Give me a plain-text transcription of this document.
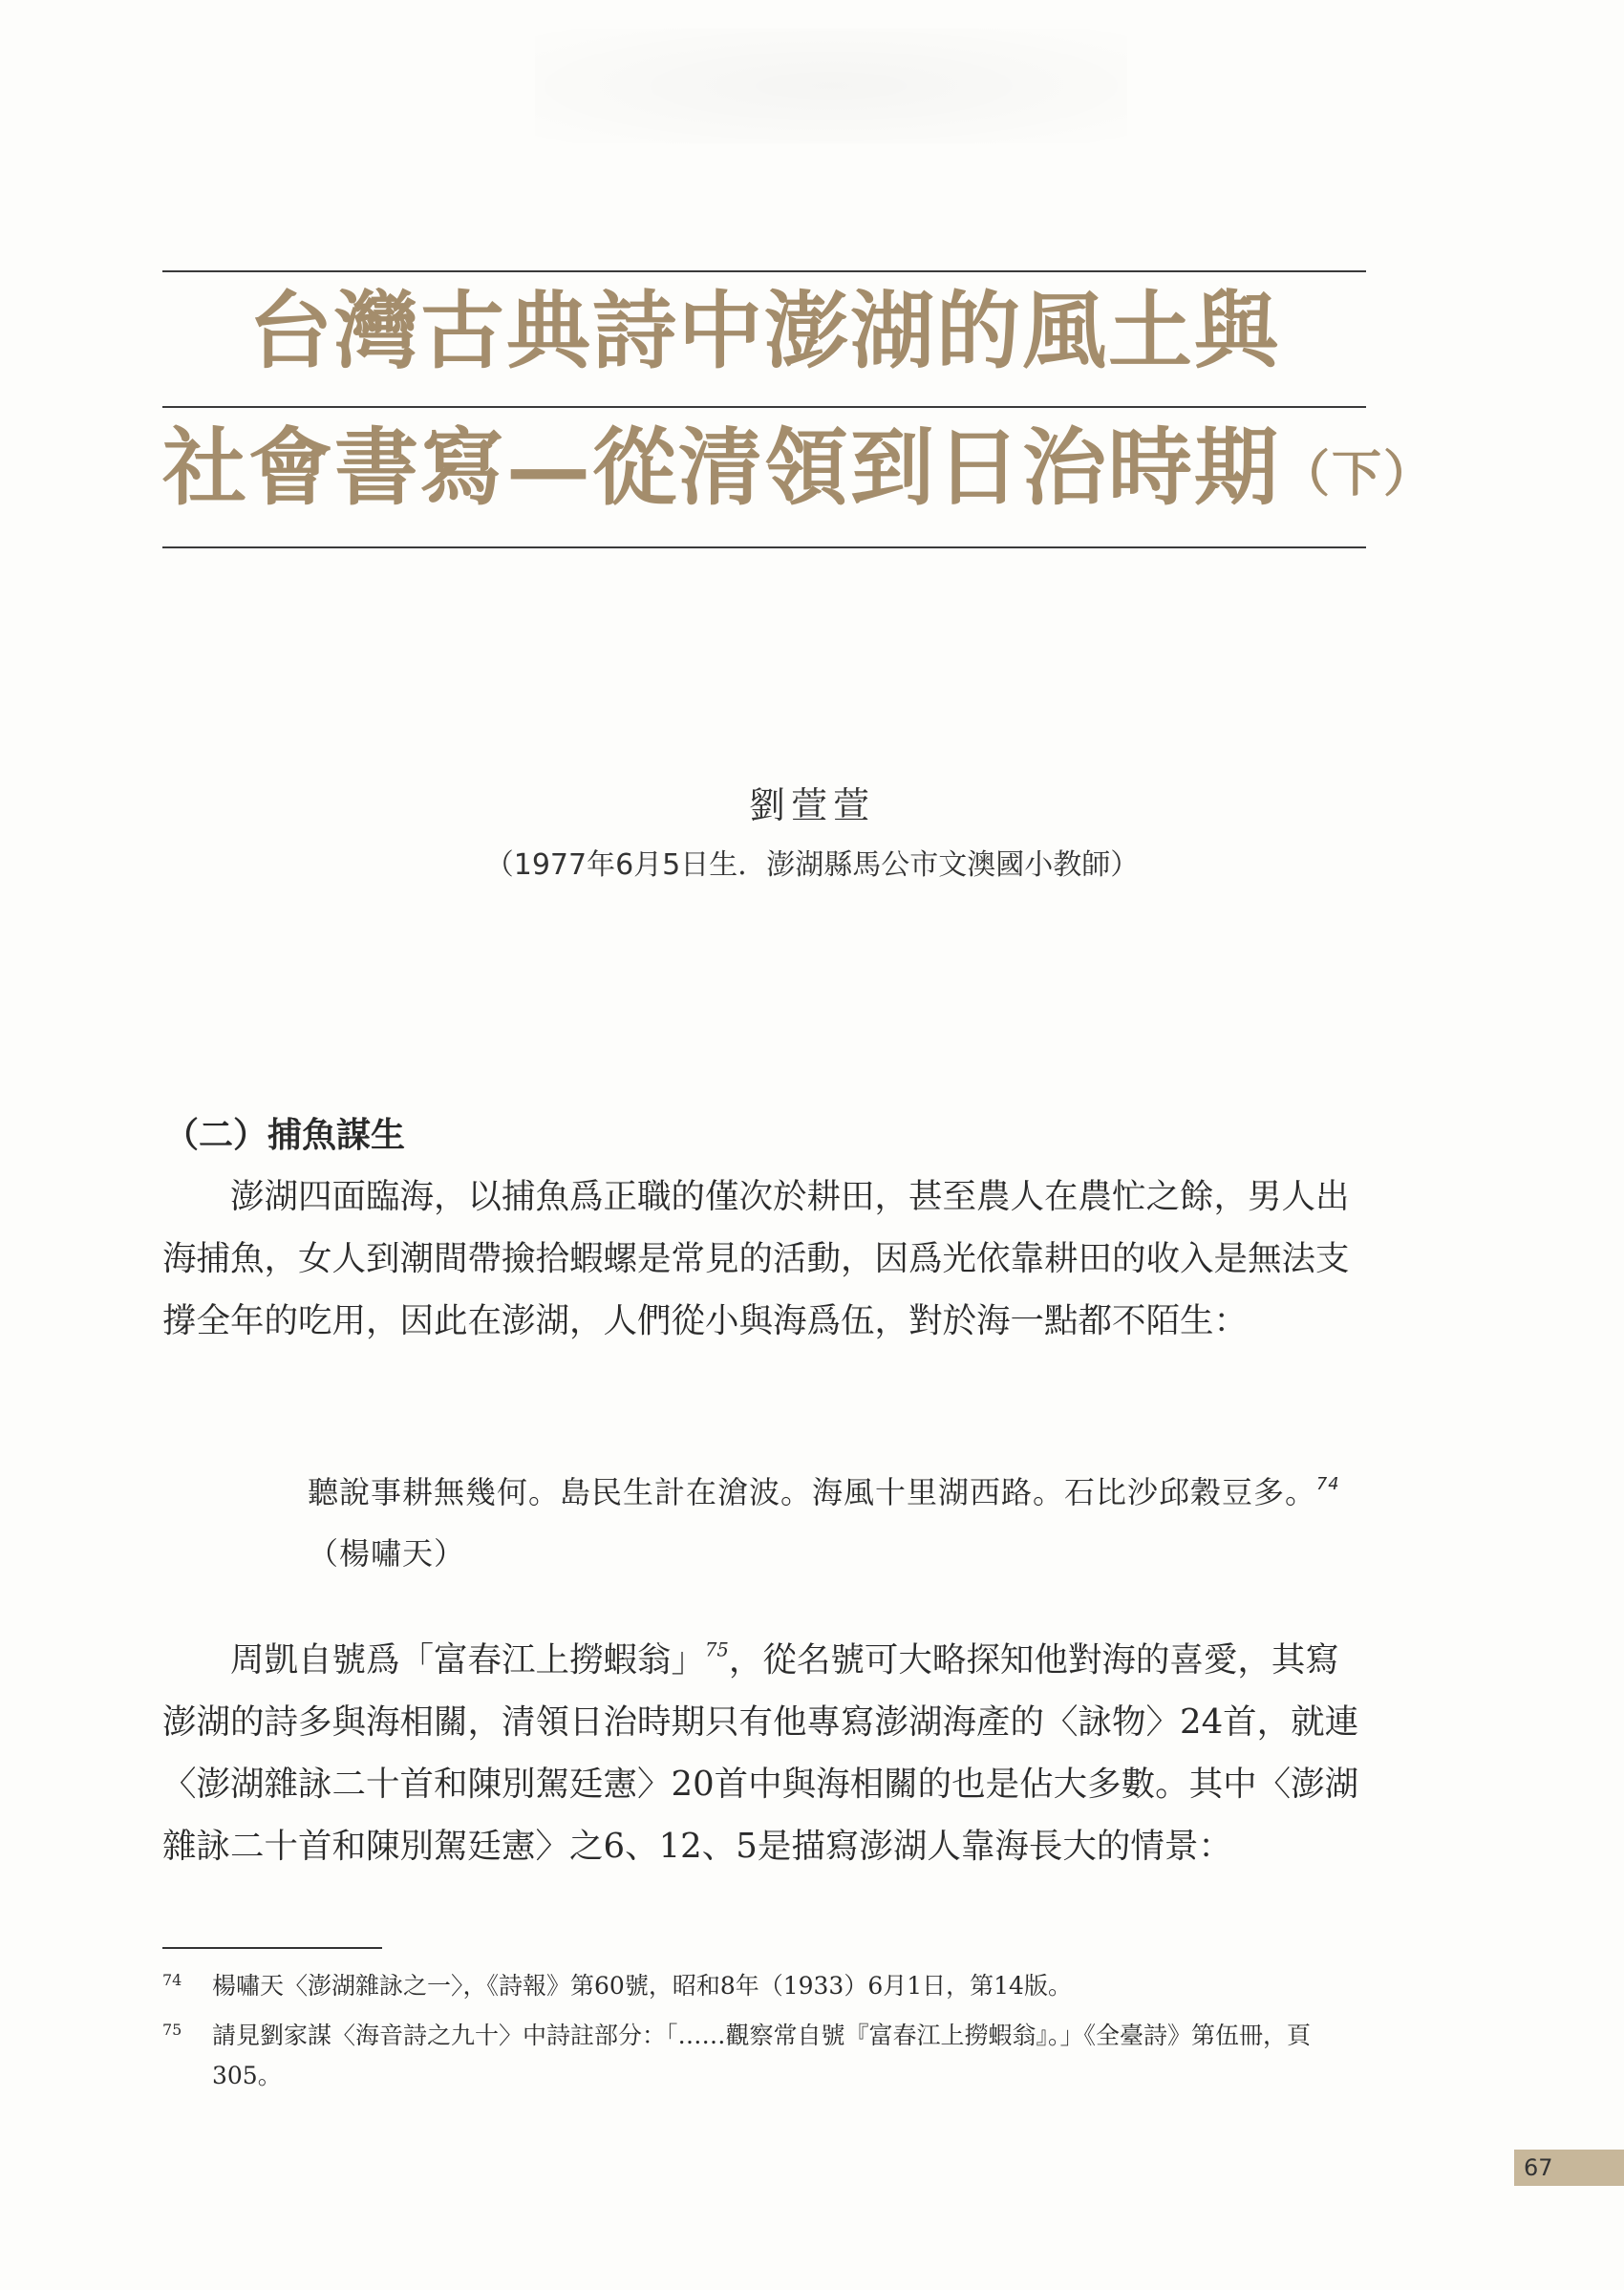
台灣古典詩中澎湖的風土與
社會書寫—從清領到日治時期（下）
劉萱萱
（1977年6月5日生．澎湖縣馬公市文澳國小教師）
（二）捕魚謀生

澎湖四面臨海，以捕魚爲正職的僅次於耕田，甚至農人在農忙之餘，男人出海捕魚，女人到潮間帶撿拾蝦螺是常見的活動，因爲光依靠耕田的收入是無法支撐全年的吃用，因此在澎湖，人們從小與海爲伍，對於海一點都不陌生：

聽說事耕無幾何。島民生計在滄波。海風十里湖西路。石比沙邱穀豆多。$^{74}$（楊嘯天）

周凱自號爲「富春江上撈蝦翁」$^{75}$，從名號可大略探知他對海的喜愛，其寫澎湖的詩多與海相關，清領日治時期只有他專寫澎湖海產的〈詠物〉24首，就連〈澎湖雜詠二十首和陳別駕廷憲〉20首中與海相關的也是佔大多數。其中〈澎湖雜詠二十首和陳別駕廷憲〉之6、12、5是描寫澎湖人靠海長大的情景：

74 楊嘯天〈澎湖雜詠之一〉，《詩報》第60號，昭和8年（1933）6月1日，第14版。
75 請見劉家謀〈海音詩之九十〉中詩註部分：「……觀察常自號『富春江上撈蝦翁』。」《全臺詩》第伍冊，頁305。
67
